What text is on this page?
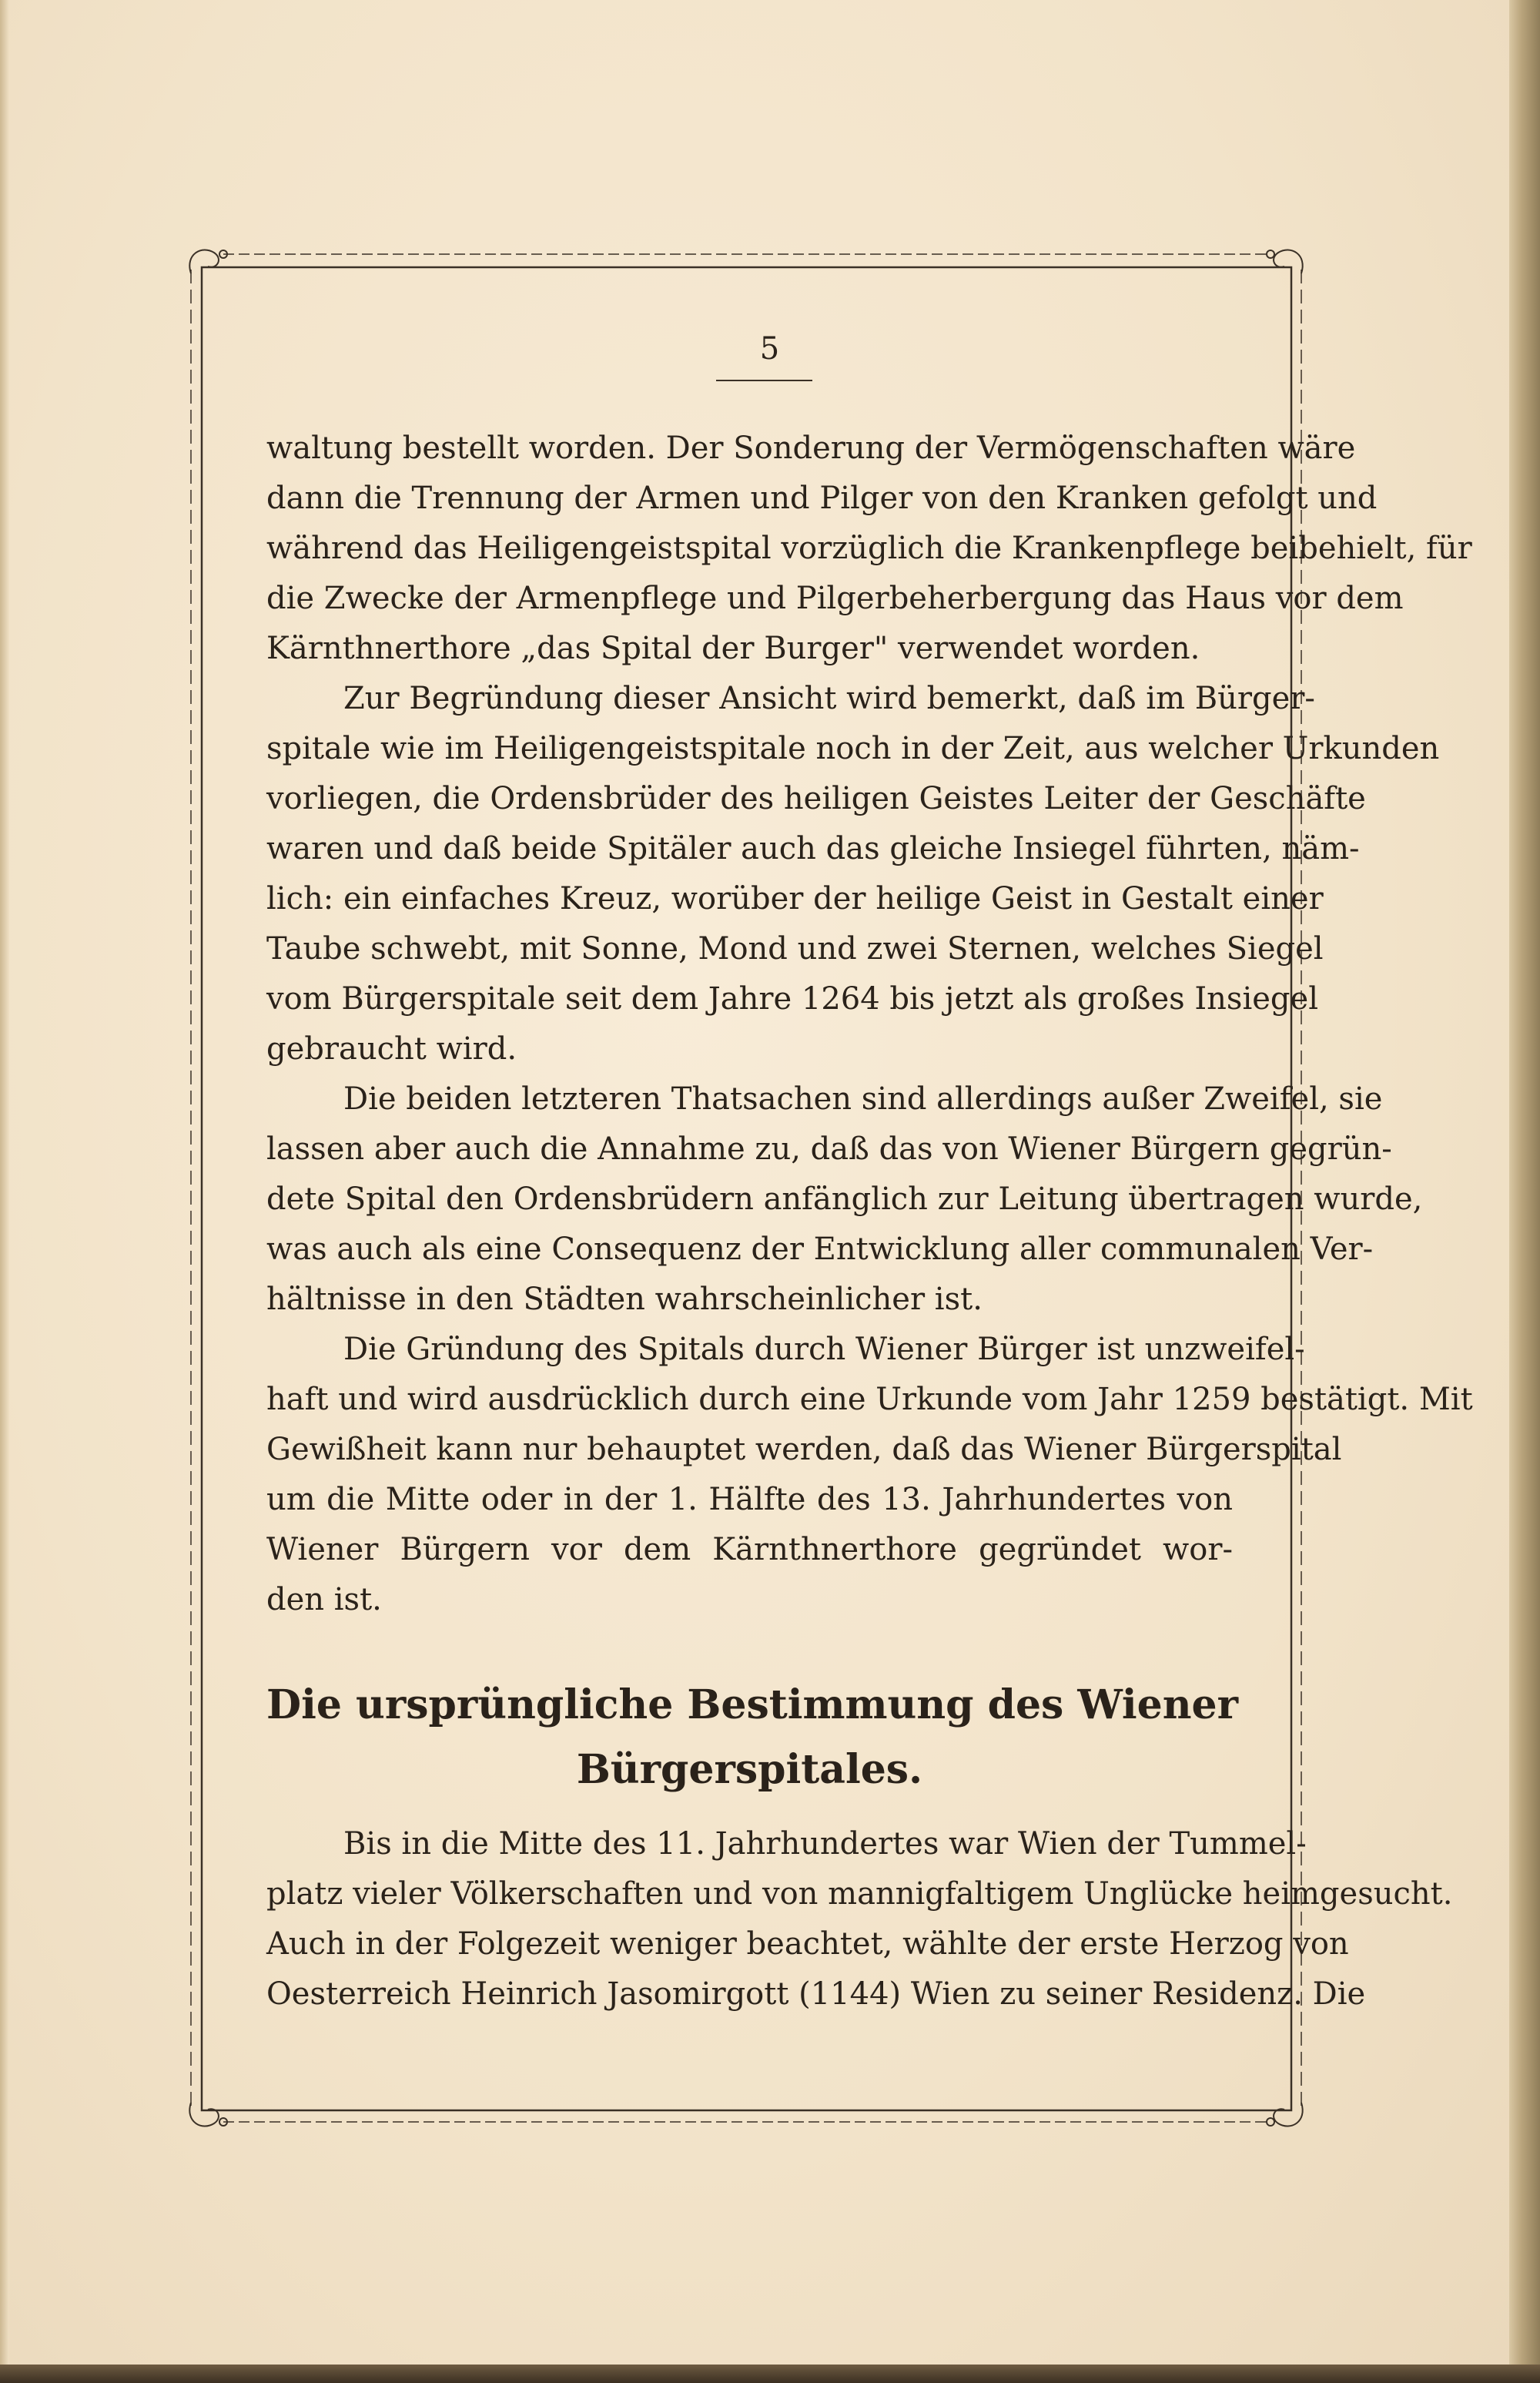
5
waltung bestellt worden. Der Sonderung der Vermögenschaften wäre
dann die Trennung der Armen und Pilger von den Kranken gefolgt und
während das Heiligengeistspital vorzüglich die Krankenpflege beibehielt, für
die Zwecke der Armenpflege und Pilgerbeherbergung das Haus vor dem
Kärnthnerthore „das Spital der Burger" verwendet worden.
Zur Begründung dieser Ansicht wird bemerkt, daß im Bürger-
spitale wie im Heiligengeistspitale noch in der Zeit, aus welcher Urkunden
vorliegen, die Ordensbrüder des heiligen Geistes Leiter der Geschäfte
waren und daß beide Spitäler auch das gleiche Insiegel führten, näm-
lich: ein einfaches Kreuz, worüber der heilige Geist in Gestalt einer
Taube schwebt, mit Sonne, Mond und zwei Sternen, welches Siegel
vom Bürgerspitale seit dem Jahre 1264 bis jetzt als großes Insiegel
gebraucht wird.
Die beiden letzteren Thatsachen sind allerdings außer Zweifel, sie
lassen aber auch die Annahme zu, daß das von Wiener Bürgern gegrün-
dete Spital den Ordensbrüdern anfänglich zur Leitung übertragen wurde,
was auch als eine Consequenz der Entwicklung aller communalen Ver-
hältnisse in den Städten wahrscheinlicher ist.
Die Gründung des Spitals durch Wiener Bürger ist unzweifel-
haft und wird ausdrücklich durch eine Urkunde vom Jahr 1259 bestätigt. Mit
Gewißheit kann nur behauptet werden, daß das Wiener Bürgerspital
um die Mitte oder in der 1. Hälfte des 13. Jahrhundertes von
Wiener Bürgern vor dem Kärnthnerthore gegründet wor-
den ist.
Die ursprüngliche Bestimmung des Wiener
Bürgerspitales.
Bis in die Mitte des 11. Jahrhundertes war Wien der Tummel-
platz vieler Völkerschaften und von mannigfaltigem Unglücke heimgesucht.
Auch in der Folgezeit weniger beachtet, wählte der erste Herzog von
Oesterreich Heinrich Jasomirgott (1144) Wien zu seiner Residenz. Die
